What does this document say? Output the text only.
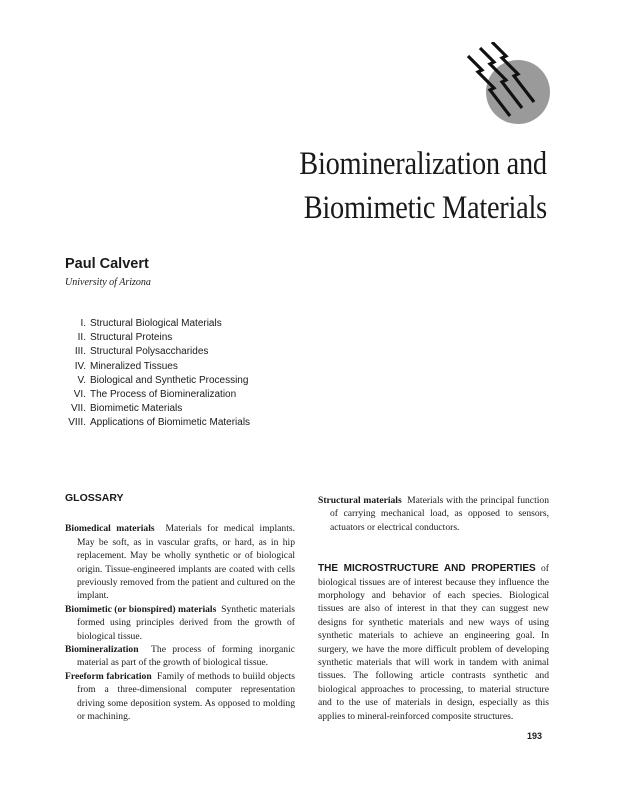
Biomineralization and
Biomimetic Materials
Paul Calvert
University of Arizona
I. Structural Biological Materials
II. Structural Proteins
III. Structural Polysaccharides
IV. Mineralized Tissues
V. Biological and Synthetic Processing
VI. The Process of Biomineralization
VII. Biomimetic Materials
VIII. Applications of Biomimetic Materials
GLOSSARY

Biomedical materials Materials for medical implants. May be soft, as in vascular grafts, or hard, as in hip replacement. May be wholly synthetic or of biological origin. Tissue-engineered implants are coated with cells previously removed from the patient and cultured on the implant.

Biomimetic (or bionspired) materials Synthetic materials formed using principles derived from the growth of biological tissue.

Biomineralization The process of forming inorganic material as part of the growth of biological tissue.

Freeform fabrication Family of methods to buiild objects from a three-dimensional computer representation driving some deposition system. As opposed to molding or machining.

Structural materials Materials with the principal function of carrying mechanical load, as opposed to sensors, actuators or electrical conductors.

THE MICROSTRUCTURE AND PROPERTIES of biological tissues are of interest because they influence the morphology and behavior of each species. Biological tissues are also of interest in that they can suggest new designs for synthetic materials and new ways of using synthetic materials to achieve an engineering goal. In surgery, we have the more difficult problem of developing synthetic materials that will work in tandem with animal tissues. The following article contrasts synthetic and biological approaches to processing, to material structure and to the use of materials in design, especially as this applies to mineral-reinforced composite structures.

193
